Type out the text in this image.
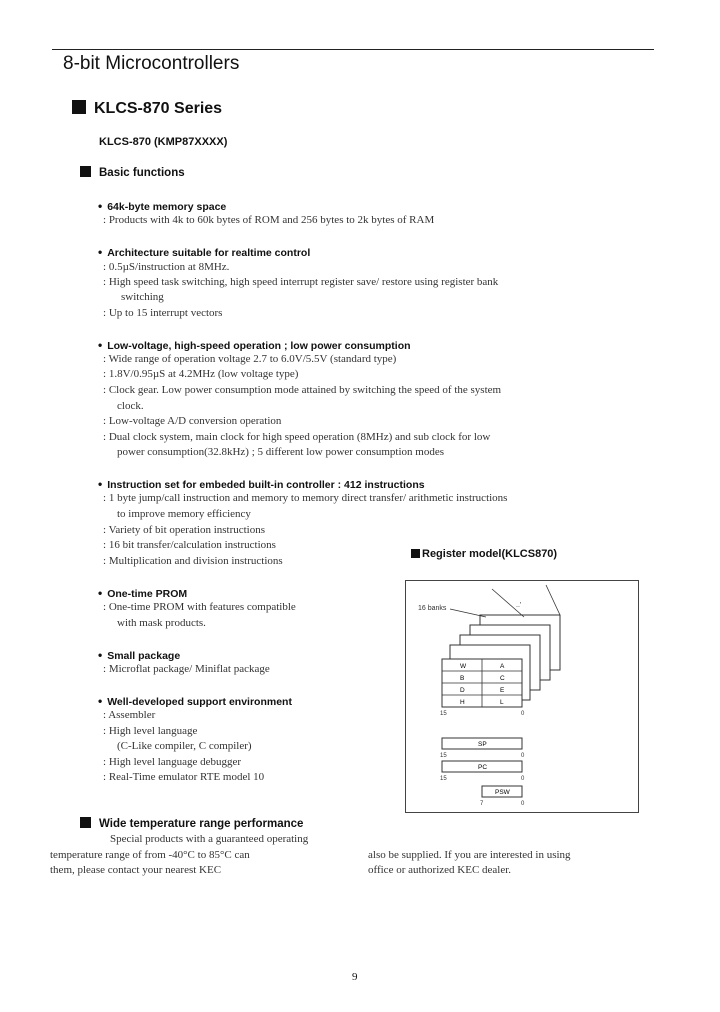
8-bit Microcontrollers
KLCS-870 Series
KLCS-870 (KMP87XXXX)
Basic functions
• 64k-byte memory space
: Products with 4k to 60k bytes of ROM and 256 bytes to 2k bytes of RAM
• Architecture suitable for realtime control
: 0.5µS/instruction at 8MHz.
: High speed task switching, high speed interrupt register save/ restore using register bank
switching
: Up to 15 interrupt vectors
• Low-voltage, high-speed operation ; low power consumption
: Wide range of operation voltage 2.7 to 6.0V/5.5V (standard type)
: 1.8V/0.95µS at 4.2MHz (low voltage type)
: Clock gear. Low power consumption mode attained by switching the speed of the system
clock.
: Low-voltage A/D conversion operation
: Dual clock system, main clock for high speed operation (8MHz) and sub clock for low
power consumption(32.8kHz) ; 5 different low power consumption modes
• Instruction set for embeded built-in controller : 412 instructions
: 1 byte jump/call instruction and memory to memory direct transfer/ arithmetic instructions
to improve memory efficiency
: Variety of bit operation instructions
: 16 bit transfer/calculation instructions
: Multiplication and division instructions
• One-time PROM
: One-time PROM with features compatible
with mask products.
• Small package
: Microflat package/ Miniflat package
• Well-developed support environment
: Assembler
: High level language
(C-Like compiler, C compiler)
: High level language debugger
: Real-Time emulator RTE model 10
Register model(KLCS870)
16 banks	..'
W	A
B	C
D	E
H	L
15	0
SP
15	0
PC
15	0
PSW
7	0
Wide temperature range performance
Special products with a guaranteed operating
temperature range of from -40°C to 85°C can
them, please contact your nearest KEC
also be supplied. If you are interested in using
office or authorized KEC dealer.
9
